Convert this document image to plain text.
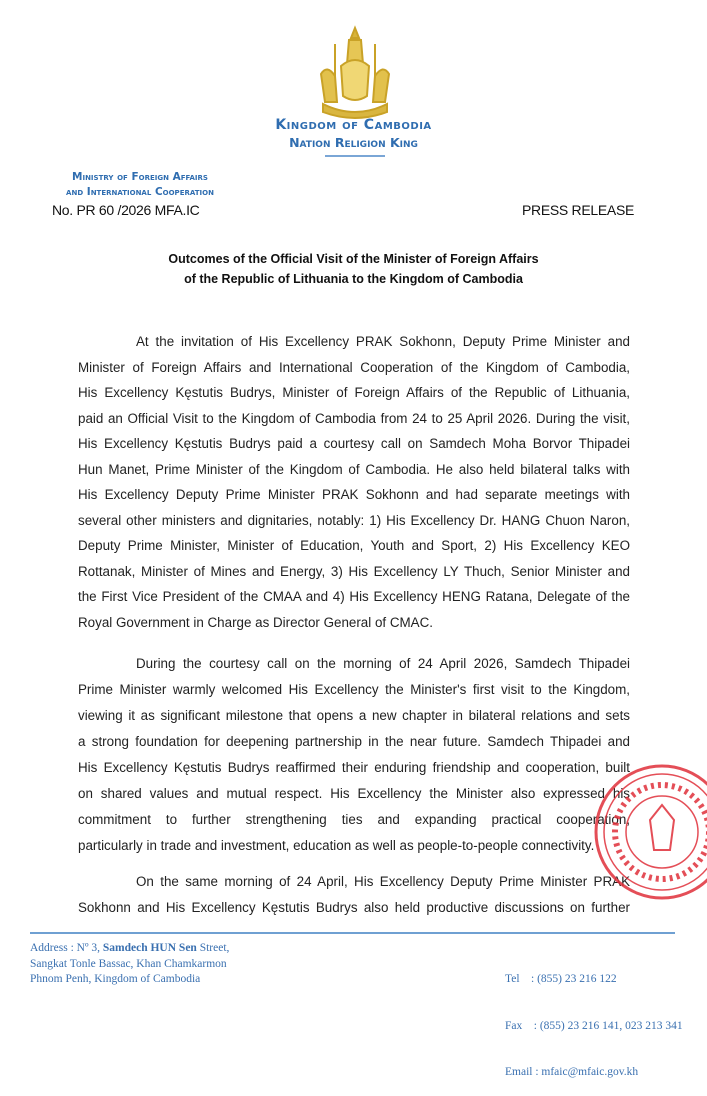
Kingdom of Cambodia
Nation Religion King
Ministry of Foreign Affairs
and International Cooperation
No. PR 60 /2026 MFA.IC	PRESS RELEASE
Outcomes of the Official Visit of the Minister of Foreign Affairs
of the Republic of Lithuania to the Kingdom of Cambodia
At the invitation of His Excellency PRAK Sokhonn, Deputy Prime Minister and
Minister of Foreign Affairs and International Cooperation of the Kingdom of Cambodia,
His Excellency Kęstutis Budrys, Minister of Foreign Affairs of the Republic of Lithuania,
paid an Official Visit to the Kingdom of Cambodia from 24 to 25 April 2026. During the visit,
His Excellency Kęstutis Budrys paid a courtesy call on Samdech Moha Borvor Thipadei
Hun Manet, Prime Minister of the Kingdom of Cambodia. He also held bilateral talks with
His Excellency Deputy Prime Minister PRAK Sokhonn and had separate meetings with
several other ministers and dignitaries, notably: 1) His Excellency Dr. HANG Chuon Naron,
Deputy Prime Minister, Minister of Education, Youth and Sport, 2) His Excellency KEO
Rottanak, Minister of Mines and Energy, 3) His Excellency LY Thuch, Senior Minister and
the First Vice President of the CMAA and 4) His Excellency HENG Ratana, Delegate of the
Royal Government in Charge as Director General of CMAC.
During the courtesy call on the morning of 24 April 2026, Samdech Thipadei
Prime Minister warmly welcomed His Excellency the Minister's first visit to the Kingdom,
viewing it as significant milestone that opens a new chapter in bilateral relations and sets
a strong foundation for deepening partnership in the near future. Samdech Thipadei and
His Excellency Kęstutis Budrys reaffirmed their enduring friendship and cooperation, built
on shared values and mutual respect. His Excellency the Minister also expressed his
commitment to further strengthening ties and expanding practical cooperation,
particularly in trade and investment, education as well as people-to-people connectivity.
On the same morning of 24 April, His Excellency Deputy Prime Minister PRAK
Sokhonn and His Excellency Kęstutis Budrys also held productive discussions on further
Address : Nº 3, Samdech HUN Sen Street,
Sangkat Tonle Bassac, Khan Chamkarmon
Phnom Penh, Kingdom of Cambodia

	Tel    : (855) 23 216 122

Fax    : (855) 23 216 141, 023 213 341

Email : mfaic@mfaic.gov.kh
